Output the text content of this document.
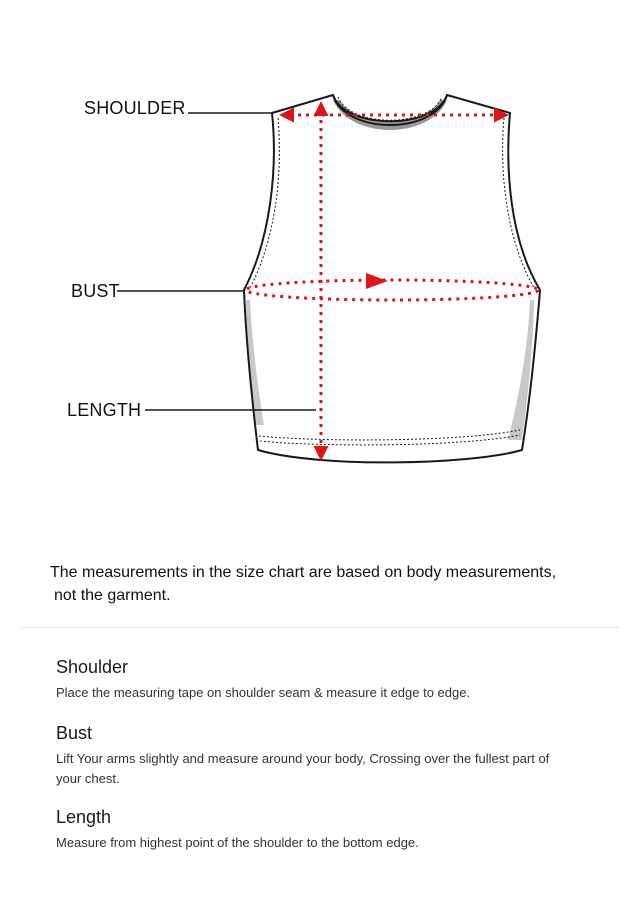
SHOULDER
BUST
LENGTH
The measurements in the size chart are based on body measurements,
not the garment.
Shoulder
Place the measuring tape on shoulder seam & measure it edge to edge.
Bust
Lift Your arms slightly and measure around your body, Crossing over the fullest part of your chest.
Length
Measure from highest point of the shoulder to the bottom edge.
